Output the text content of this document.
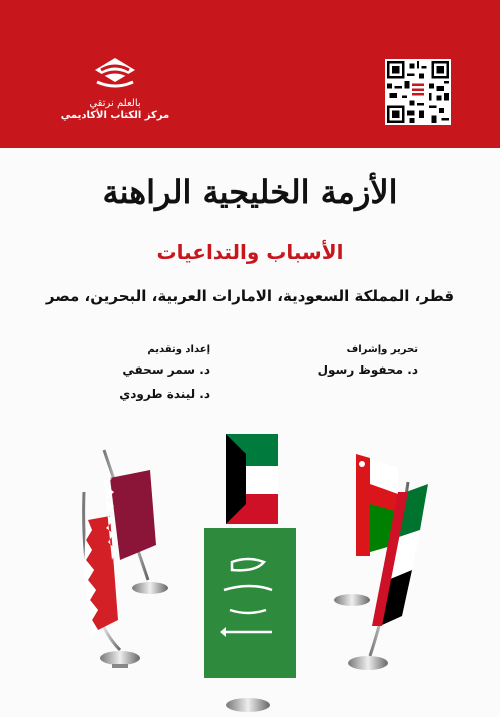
بالعلم نرتقي
مركز الكتاب الأكاديمي
الأزمة الخليجية الراهنة
الأسباب والتداعيات
قطر، المملكة السعودية، الامارات العربية، البحرين، مصر
تحرير وإشراف
د. محفوظ رسول
إعداد وتقديم
د. سمر سحقي
د. ليندة طرودي
